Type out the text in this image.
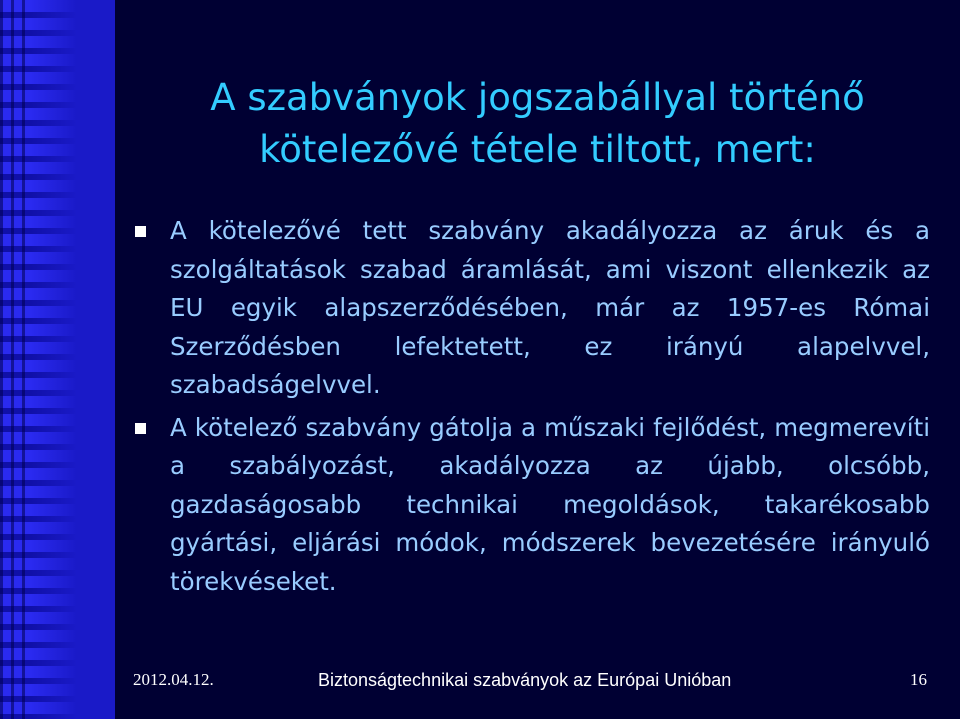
A szabványok jogszabállyal történő
kötelezővé tétele tiltott, mert:
A kötelezővé tett szabvány akadályozza az áruk és a szolgáltatások szabad áramlását, ami viszont ellenkezik az EU egyik alapszerződésében, már az 1957-es Római Szerződésben lefektetett, ez irányú alapelvvel, szabadságelvvel.
A kötelező szabvány gátolja a műszaki fejlődést, megmerevíti a szabályozást, akadályozza az újabb, olcsóbb, gazdaságosabb technikai megoldások, takarékosabb gyártási, eljárási módok, módszerek bevezetésére irányuló törekvéseket.
2012.04.12.	Biztonságtechnikai szabványok az Európai Unióban	16
